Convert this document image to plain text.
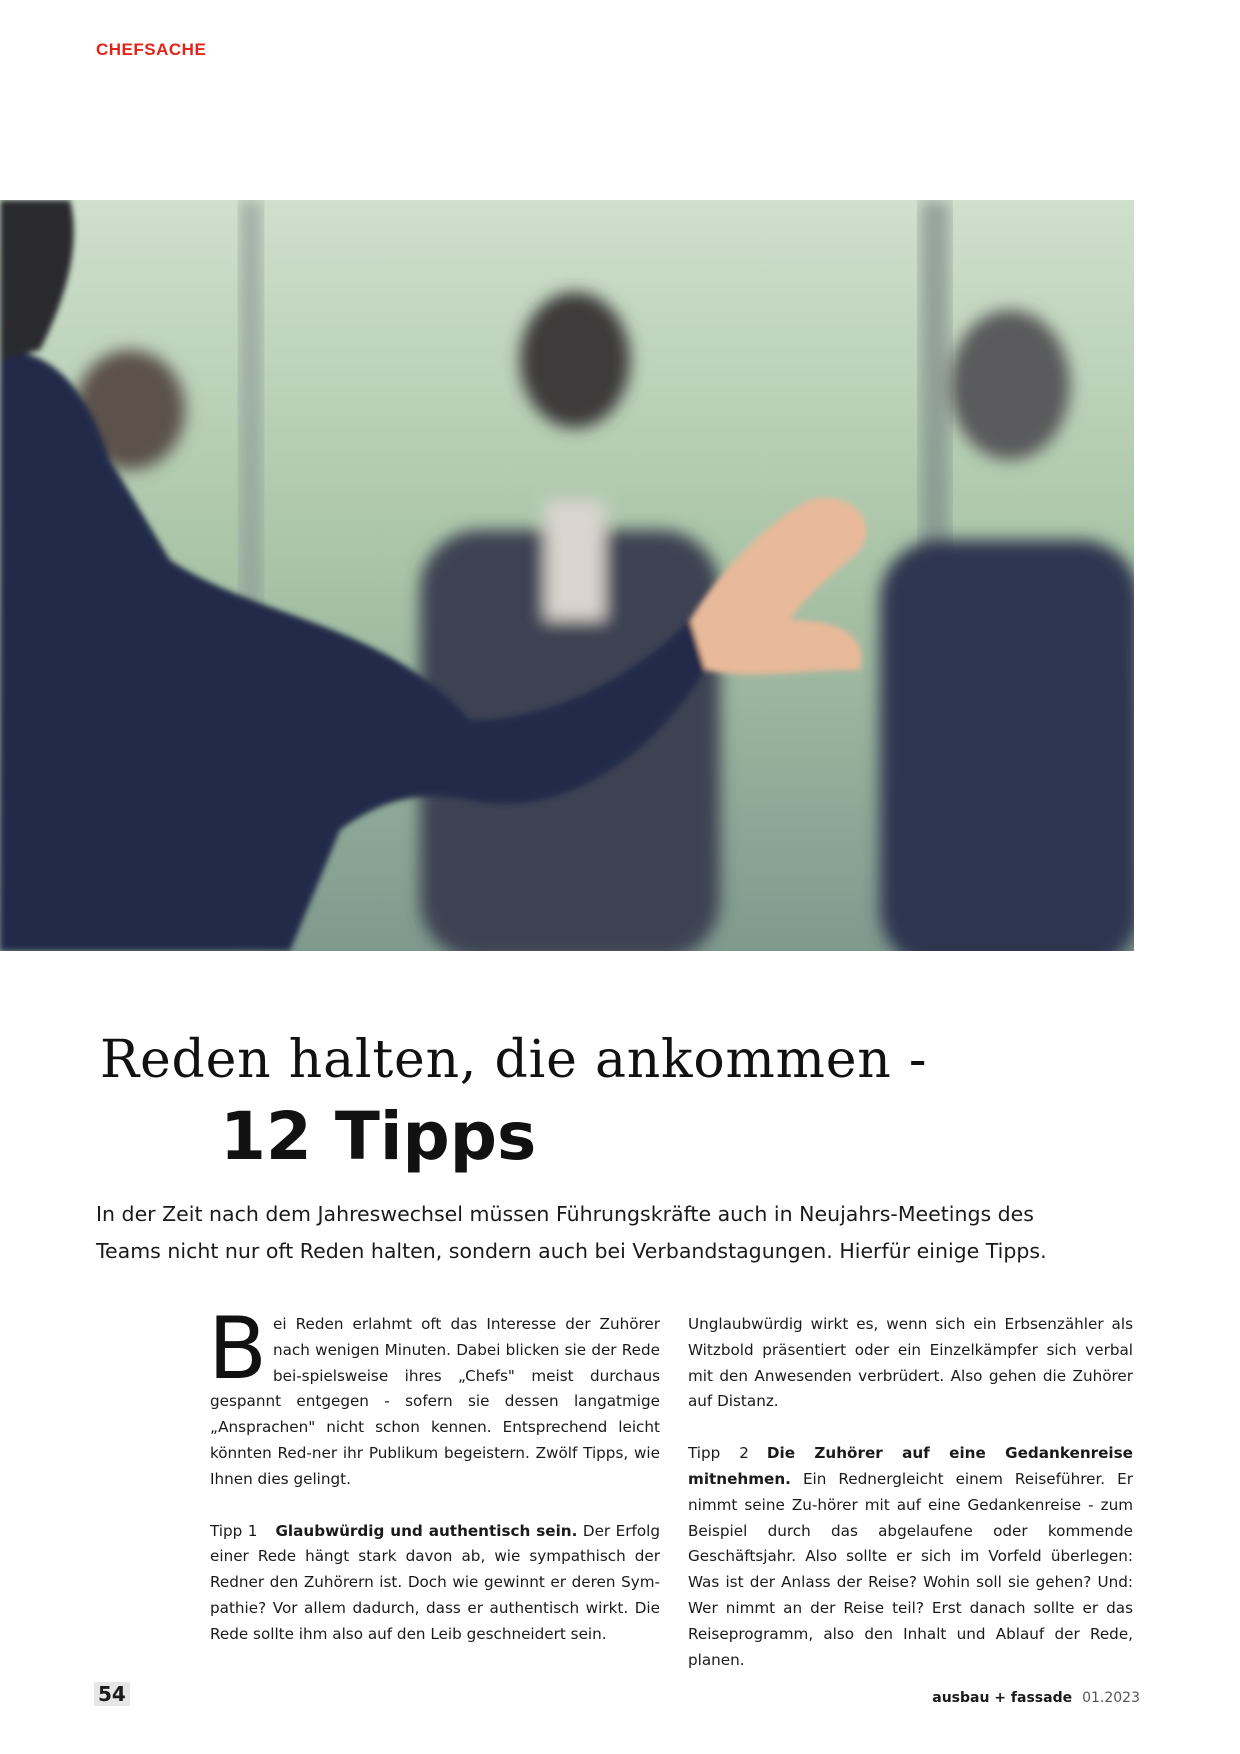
CHEFSACHE

Reden halten, die ankommen -
12 Tipps
In der Zeit nach dem Jahreswechsel müssen Führungskräfte auch in Neujahrs-Meetings des
Teams nicht nur oft Reden halten, sondern auch bei Verbandstagungen. Hierfür einige Tipps.

Bei Reden erlahmt oft das Interesse der Zuhörer nach wenigen Minuten. Dabei blicken sie der Rede bei-spielsweise ihres „Chefs" meist durchaus gespannt entgegen - sofern sie dessen langatmige „Ansprachen" nicht schon kennen. Entsprechend leicht könnten Red-ner ihr Publikum begeistern. Zwölf Tipps, wie Ihnen dies gelingt.

Tipp 1 Glaubwürdig und authentisch sein. Der Erfolg einer Rede hängt stark davon ab, wie sympathisch der Redner den Zuhörern ist. Doch wie gewinnt er deren Sym-pathie? Vor allem dadurch, dass er authentisch wirkt. Die Rede sollte ihm also auf den Leib geschneidert sein.

Unglaubwürdig wirkt es, wenn sich ein Erbsenzähler als Witzbold präsentiert oder ein Einzelkämpfer sich verbal mit den Anwesenden verbrüdert. Also gehen die Zuhörer auf Distanz.

Tipp 2 Die Zuhörer auf eine Gedankenreise mitnehmen. Ein Rednergleicht einem Reiseführer. Er nimmt seine Zu-hörer mit auf eine Gedankenreise - zum Beispiel durch das abgelaufene oder kommende Geschäftsjahr. Also sollte er sich im Vorfeld überlegen: Was ist der Anlass der Reise? Wohin soll sie gehen? Und: Wer nimmt an der Reise teil? Erst danach sollte er das Reiseprogramm, also den Inhalt und Ablauf der Rede, planen.

54	ausbau + fassade 01.2023
